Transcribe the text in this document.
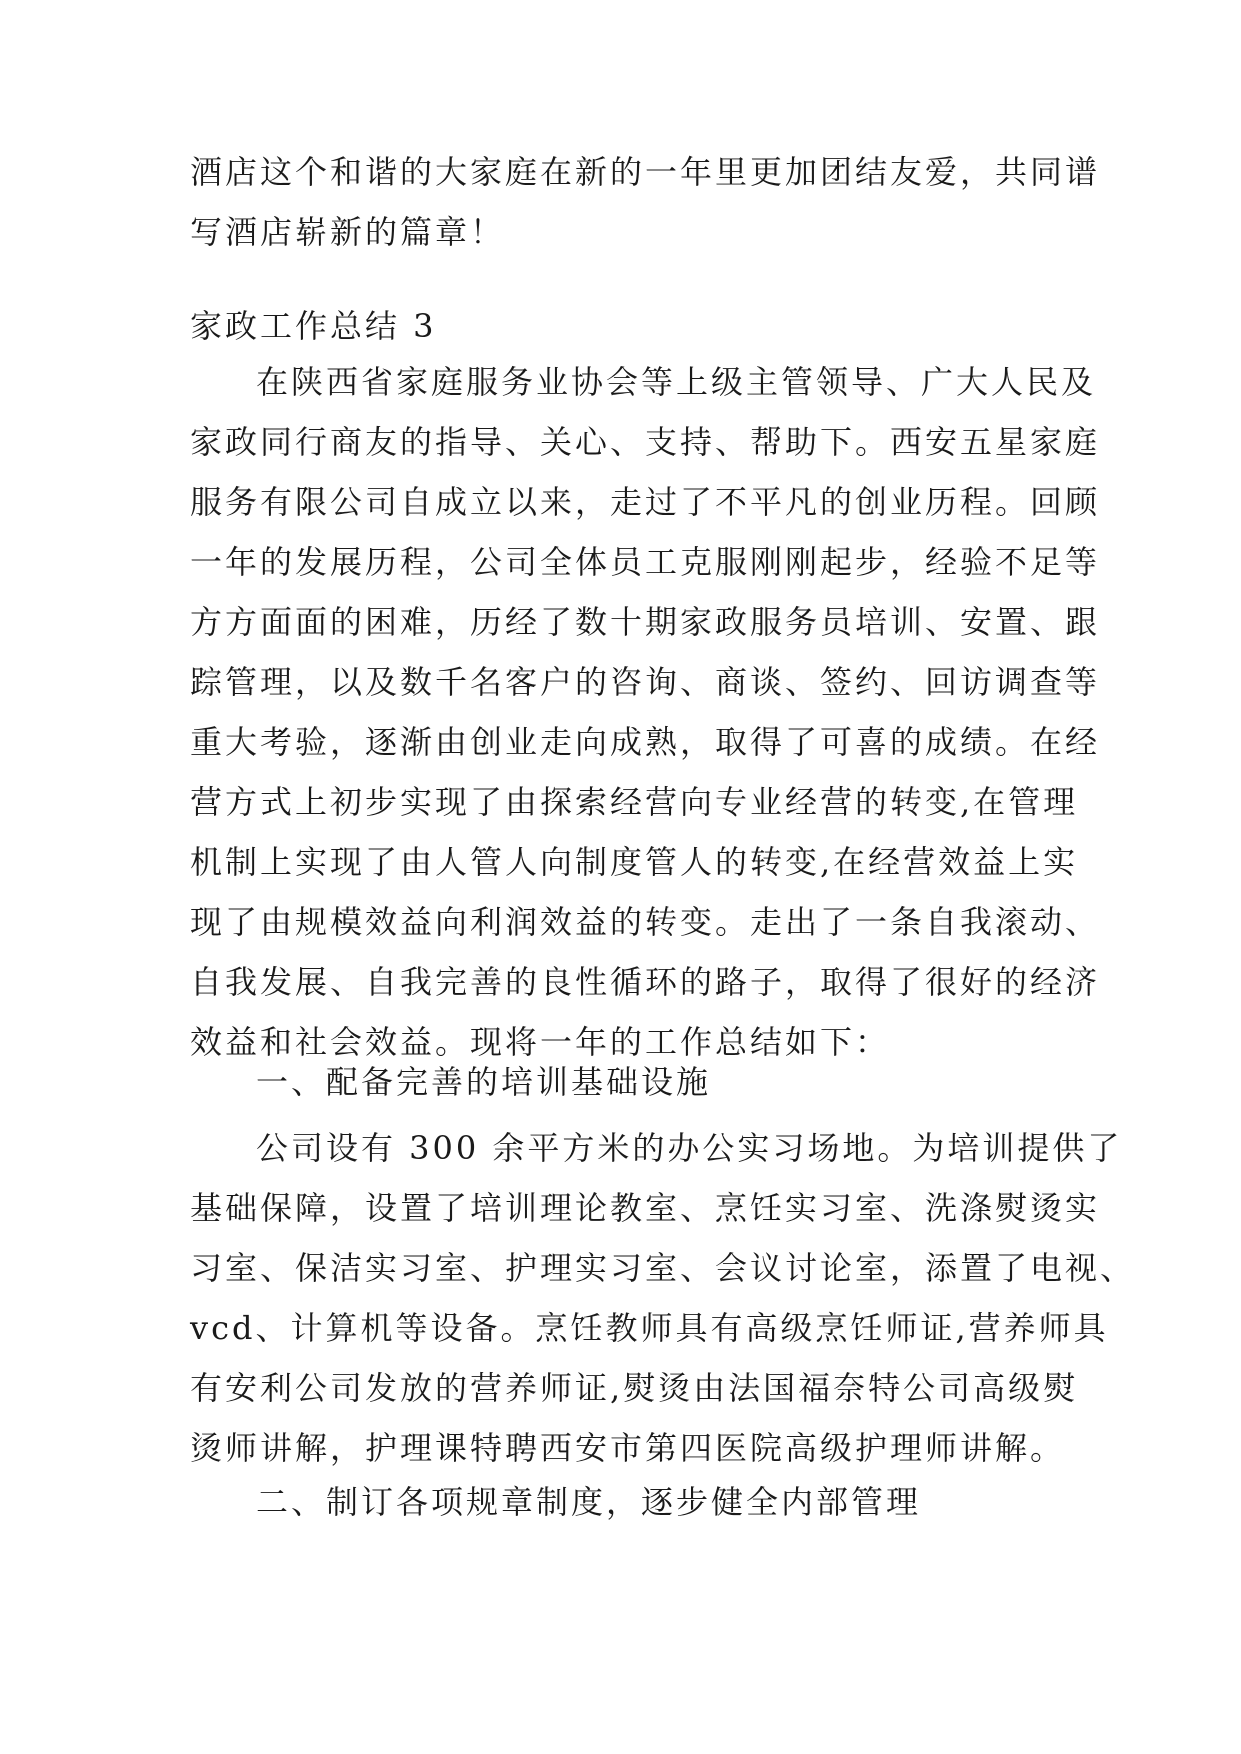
酒店这个和谐的大家庭在新的一年里更加团结友爱，共同谱
写酒店崭新的篇章！
家政工作总结 3
在陕西省家庭服务业协会等上级主管领导、广大人民及
家政同行商友的指导、关心、支持、帮助下。西安五星家庭
服务有限公司自成立以来，走过了不平凡的创业历程。回顾
一年的发展历程，公司全体员工克服刚刚起步，经验不足等
方方面面的困难，历经了数十期家政服务员培训、安置、跟
踪管理，以及数千名客户的咨询、商谈、签约、回访调查等
重大考验，逐渐由创业走向成熟，取得了可喜的成绩。在经
营方式上初步实现了由探索经营向专业经营的转变,在管理
机制上实现了由人管人向制度管人的转变,在经营效益上实
现了由规模效益向利润效益的转变。走出了一条自我滚动、
自我发展、自我完善的良性循环的路子，取得了很好的经济
效益和社会效益。现将一年的工作总结如下：
一、配备完善的培训基础设施
公司设有 300 余平方米的办公实习场地。为培训提供了
基础保障，设置了培训理论教室、烹饪实习室、洗涤熨烫实
习室、保洁实习室、护理实习室、会议讨论室，添置了电视、
vcd、计算机等设备。烹饪教师具有高级烹饪师证,营养师具
有安利公司发放的营养师证,熨烫由法国福奈特公司高级熨
烫师讲解，护理课特聘西安市第四医院高级护理师讲解。
二、制订各项规章制度，逐步健全内部管理
